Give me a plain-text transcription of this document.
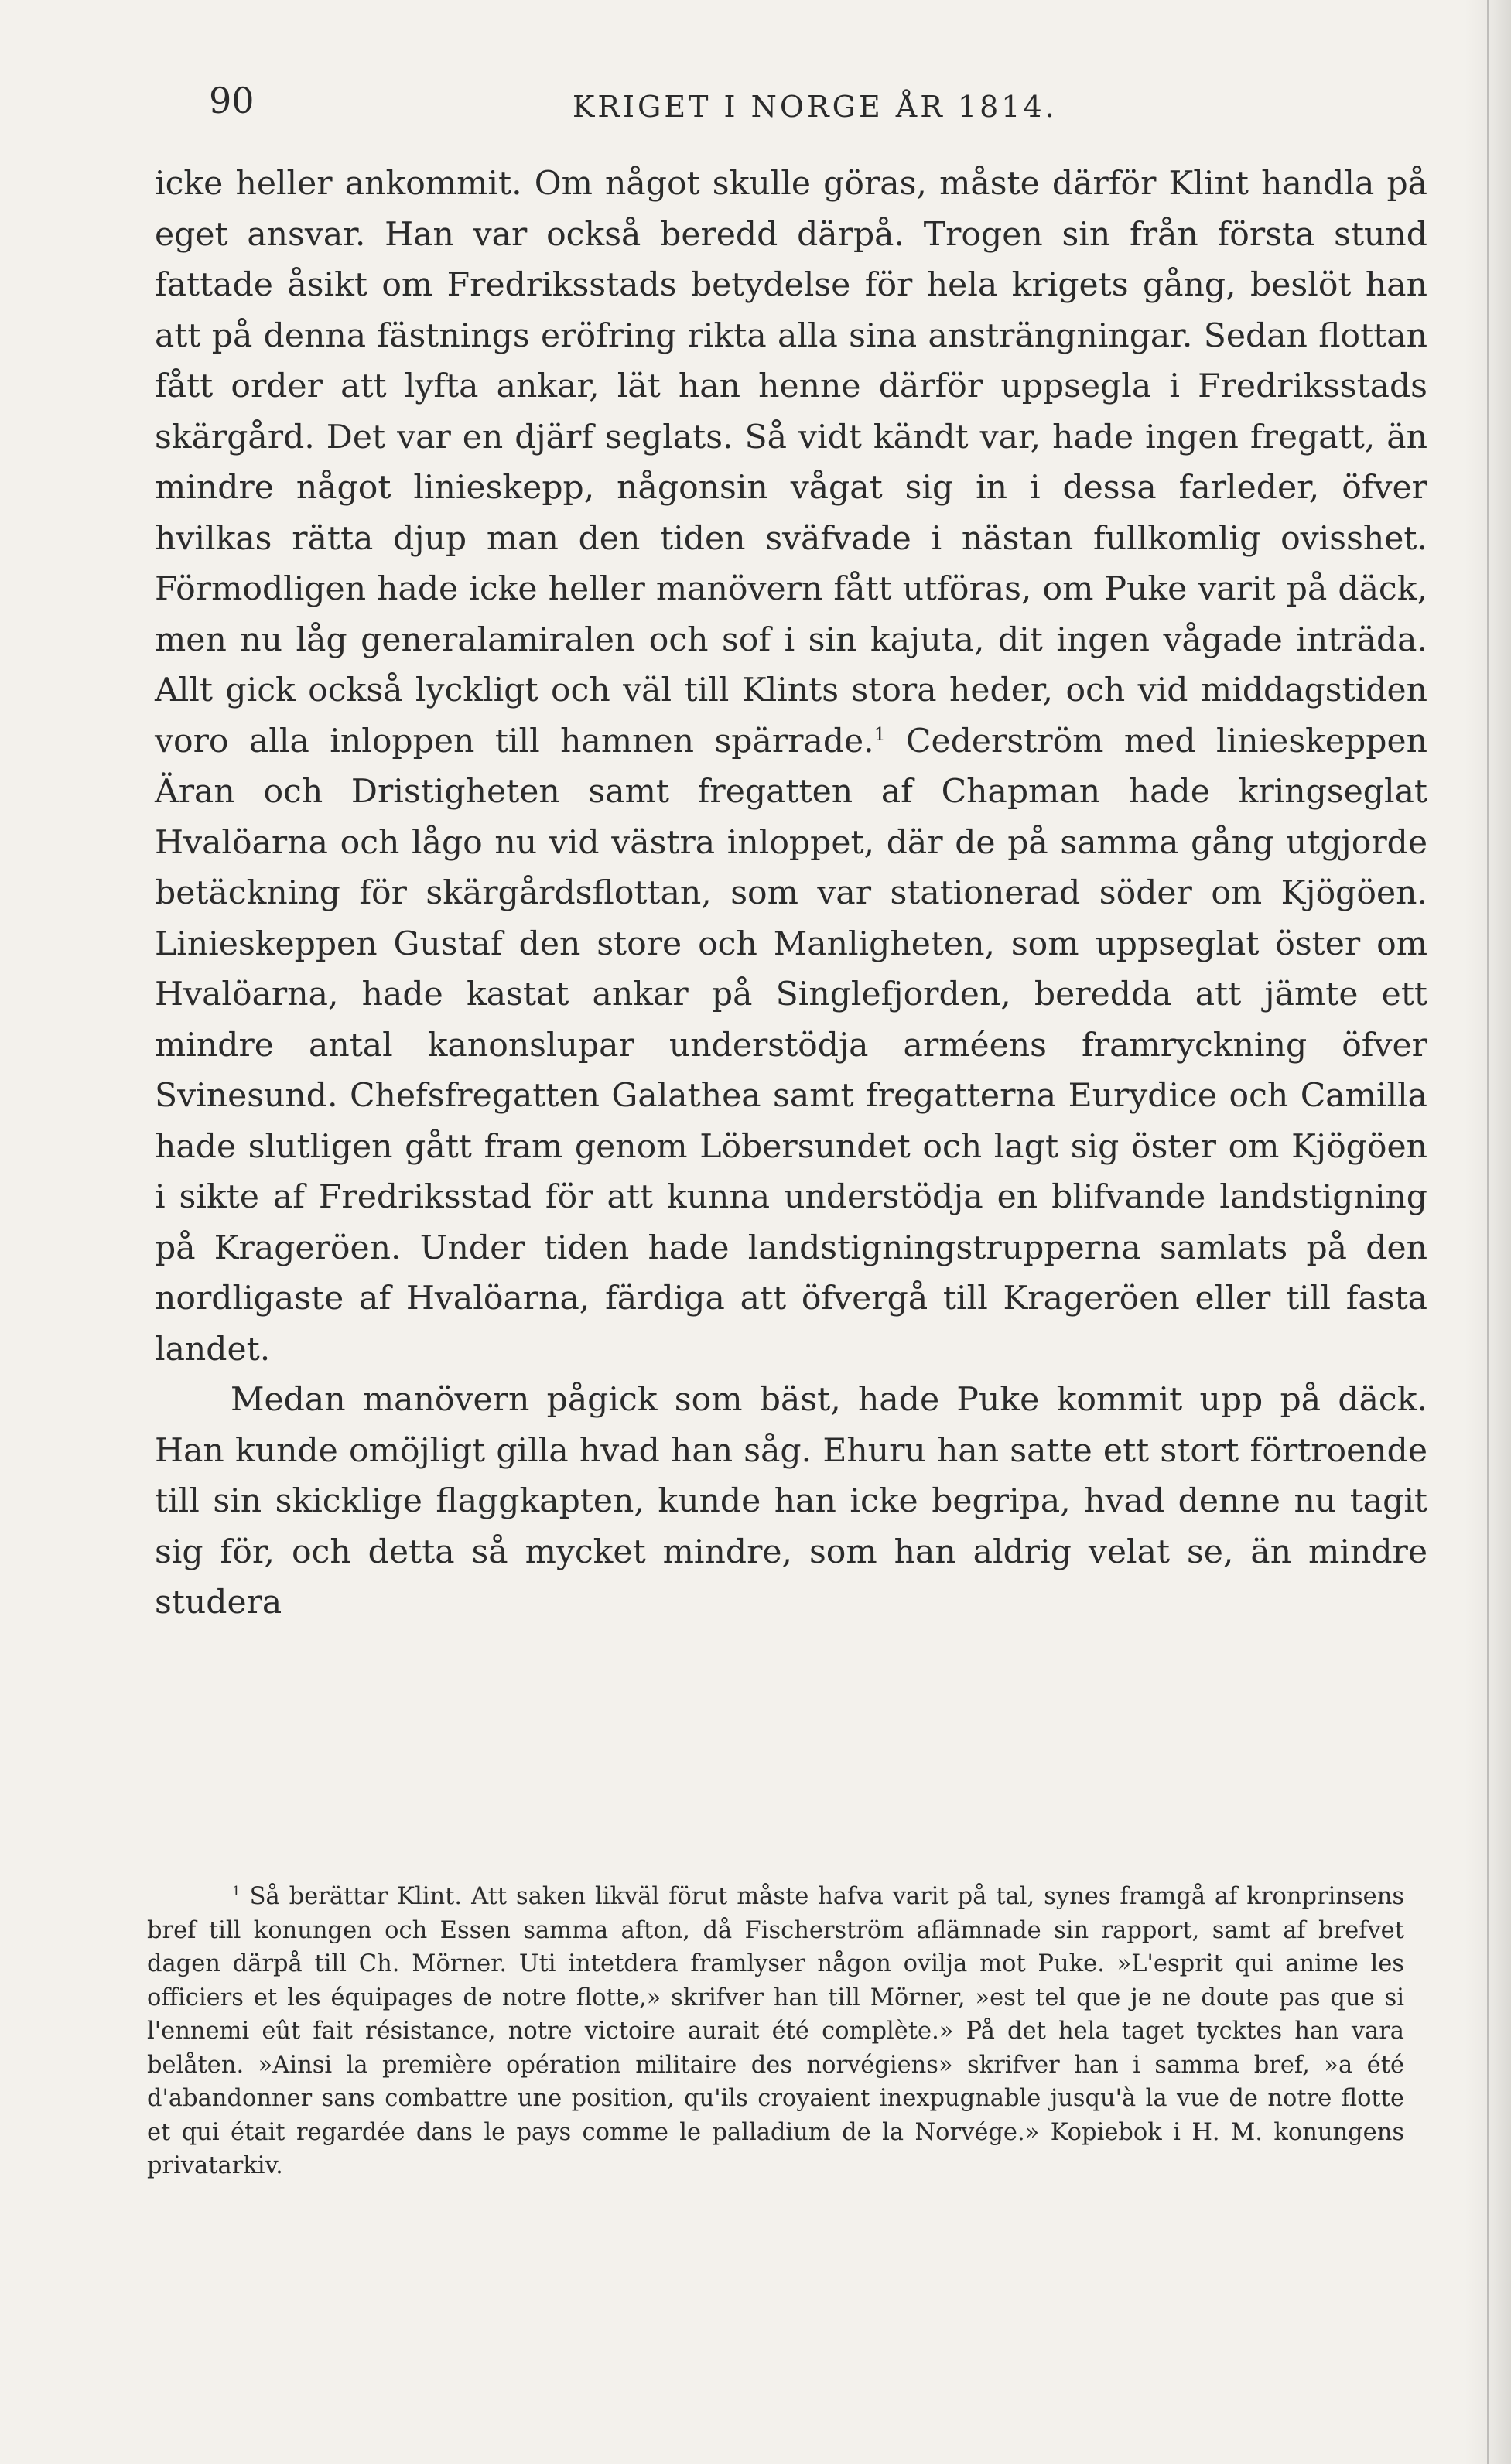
90	KRIGET I NORGE ÅR 1814.

icke heller ankommit. Om något skulle göras, måste därför Klint handla på eget ansvar. Han var också beredd därpå. Trogen sin från första stund fattade åsikt om Fredriksstads betydelse för hela krigets gång, beslöt han att på denna fästnings eröfring rikta alla sina ansträngningar. Sedan flottan fått order att lyfta ankar, lät han henne därför uppsegla i Fredriksstads skärgård. Det var en djärf seglats. Så vidt kändt var, hade ingen fregatt, än mindre något linieskepp, någonsin vågat sig in i dessa farleder, öfver hvilkas rätta djup man den tiden sväfvade i nästan fullkomlig ovisshet. Förmodligen hade icke heller manövern fått utföras, om Puke varit på däck, men nu låg generalamiralen och sof i sin kajuta, dit ingen vågade inträda. Allt gick också lyckligt och väl till Klints stora heder, och vid middagstiden voro alla inloppen till hamnen spärrade.$^1$ Cederström med linieskeppen Äran och Dristigheten samt fregatten af Chapman hade kringseglat Hvalöarna och lågo nu vid västra inloppet, där de på samma gång utgjorde betäckning för skärgårdsflottan, som var stationerad söder om Kjögöen. Linieskeppen Gustaf den store och Manligheten, som uppseglat öster om Hvalöarna, hade kastat ankar på Singlefjorden, beredda att jämte ett mindre antal kanonslupar understödja arméens framryckning öfver Svinesund. Chefsfregatten Galathea samt fregatterna Eurydice och Camilla hade slutligen gått fram genom Löbersundet och lagt sig öster om Kjögöen i sikte af Fredriksstad för att kunna understödja en blifvande landstigning på Krageröen. Under tiden hade landstigningstrupperna samlats på den nordligaste af Hvalöarna, färdiga att öfvergå till Krageröen eller till fasta landet.

Medan manövern pågick som bäst, hade Puke kommit upp på däck. Han kunde omöjligt gilla hvad han såg. Ehuru han satte ett stort förtroende till sin skicklige flaggkapten, kunde han icke begripa, hvad denne nu tagit sig för, och detta så mycket mindre, som han aldrig velat se, än mindre studera

$^1$ Så berättar Klint. Att saken likväl förut måste hafva varit på tal, synes framgå af kronprinsens bref till konungen och Essen samma afton, då Fischerström aflämnade sin rapport, samt af brefvet dagen därpå till Ch. Mörner. Uti intetdera framlyser någon ovilja mot Puke. »L'esprit qui anime les officiers et les équipages de notre flotte,» skrifver han till Mörner, »est tel que je ne doute pas que si l'ennemi eût fait résistance, notre victoire aurait été complète.» På det hela taget tycktes han vara belåten. »Ainsi la première opération militaire des norvégiens» skrifver han i samma bref, »a été d'abandonner sans combattre une position, qu'ils croyaient inexpugnable jusqu'à la vue de notre flotte et qui était regardée dans le pays comme le palladium de la Norvége.» Kopiebok i H. M. konungens privatarkiv.
